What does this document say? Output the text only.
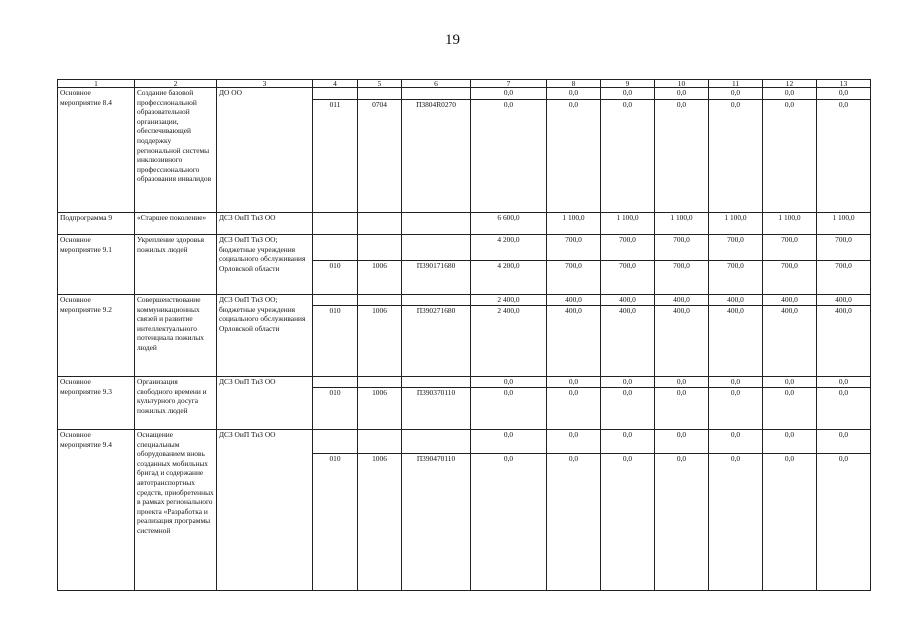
19
1	2	3	4	5	6	7	8	9	10	11	12	13
Основное мероприятие 8.4	Создание базовой профессиональной образовательной организации, обеспечивающей поддержку региональной системы инклюзивного профессионального образования инвалидов	ДО ОО				0,0	0,0	0,0	0,0	0,0	0,0	0,0
			011	0704	П3804R0270	0,0	0,0	0,0	0,0	0,0	0,0	0,0
Подпрограмма 9	«Старшее поколение»	ДСЗ ОиП ТиЗ ОО				6 600,0	1 100,0	1 100,0	1 100,0	1 100,0	1 100,0	1 100,0
Основное мероприятие 9.1	Укрепление здоровья пожилых людей	ДСЗ ОиП ТиЗ ОО; бюджетные учреждения социального обслуживания Орловской области				4 200,0	700,0	700,0	700,0	700,0	700,0	700,0
			010	1006	П390171680	4 200,0	700,0	700,0	700,0	700,0	700,0	700,0
Основное мероприятие 9.2	Совершенствование коммуникационных связей и развитие интеллектуального потенциала пожилых людей	ДСЗ ОиП ТиЗ ОО; бюджетные учреждения социального обслуживания Орловской области				2 400,0	400,0	400,0	400,0	400,0	400,0	400,0
			010	1006	П390271680	2 400,0	400,0	400,0	400,0	400,0	400,0	400,0
Основное мероприятие 9.3	Организация свободного времени и культурного досуга пожилых людей	ДСЗ ОиП ТиЗ ОО				0,0	0,0	0,0	0,0	0,0	0,0	0,0
			010	1006	П390370110	0,0	0,0	0,0	0,0	0,0	0,0	0,0
Основное мероприятие 9.4	Оснащение специальным оборудованием вновь созданных мобильных бригад и содержание автотранспортных средств, приобретенных в рамках регионального проекта «Разработка и реализация программы системной	ДСЗ ОиП ТиЗ ОО				0,0	0,0	0,0	0,0	0,0	0,0	0,0
			010	1006	П390470110	0,0	0,0	0,0	0,0	0,0	0,0	0,0
